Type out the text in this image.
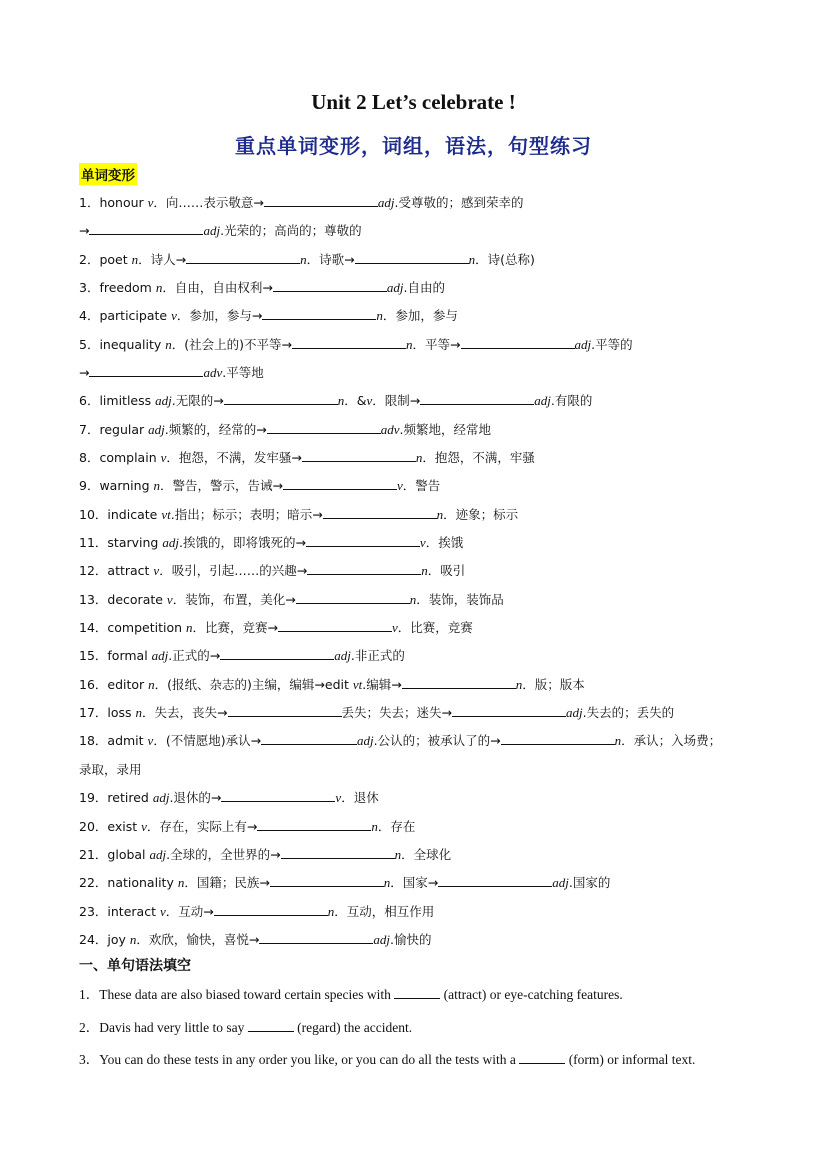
Unit 2 Let’s celebrate !
重点单词变形，词组，语法，句型练习
单词变形
1．honour v．向……表示敬意→	adj.受尊敬的；感到荣幸的
→	adj.光荣的；高尚的；尊敬的
2．poet n．诗人→	n．诗歌→	n．诗(总称)
3．freedom n．自由，自由权利→	adj.自由的
4．participate v．参加，参与→	n．参加，参与
5．inequality n．(社会上的)不平等→	n．平等→	adj.平等的
→	adv.平等地
6．limitless adj.无限的→	n．&v．限制→	adj.有限的
7．regular adj.频繁的，经常的→	adv.频繁地，经常地
8．complain v．抱怨，不满，发牢骚→	n．抱怨，不满，牢骚
9．warning n．警告，警示，告诫→	v．警告
10．indicate vt.指出；标示；表明；暗示→	n．迹象；标示
11．starving adj.挨饿的，即将饿死的→	v．挨饿
12．attract v．吸引，引起……的兴趣→	n．吸引
13．decorate v．装饰，布置，美化→	n．装饰，装饰品
14．competition n．比赛，竞赛→	v．比赛，竞赛
15．formal adj.正式的→	adj.非正式的
16．editor n．(报纸、杂志的)主编，编辑→edit vt.编辑→	n．版；版本
17．loss n．失去，丧失→	丢失；失去；迷失→	adj.失去的；丢失的
18．admit v．(不情愿地)承认→	adj.公认的；被承认了的→	n．承认；入场费；
录取，录用
19．retired adj.退休的→	v．退休
20．exist v．存在，实际上有→	n．存在
21．global adj.全球的，全世界的→	n．全球化
22．nationality n．国籍；民族→	n．国家→	adj.国家的
23．interact v．互动→	n．互动，相互作用
24．joy n．欢欣，愉快，喜悦→	adj.愉快的
一、单句语法填空
1．These data are also biased toward certain species with	(attract) or eye-catching features.
2．Davis had very little to say	(regard) the accident.
3．You can do these tests in any order you like, or you can do all the tests with a	(form) or informal text.
